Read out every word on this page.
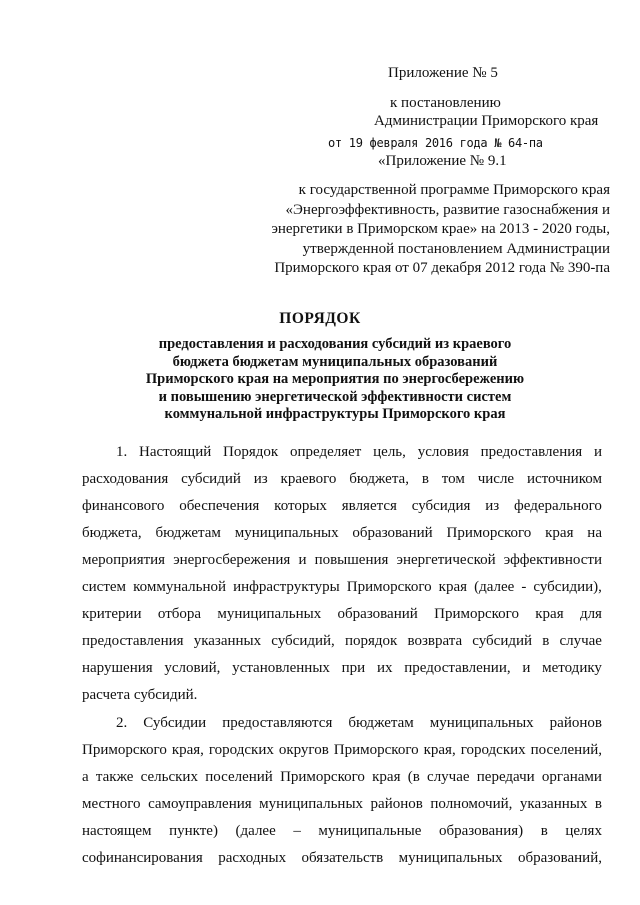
Приложение № 5
к постановлению
Администрации Приморского края
от 19 февраля 2016 года № 64-па
«Приложение № 9.1
к государственной программе Приморского края
«Энергоэффективность, развитие газоснабжения и
энергетики в Приморском крае» на 2013 - 2020 годы,
утвержденной постановлением Администрации
Приморского края от 07 декабря 2012 года № 390-па
ПОРЯДОК
предоставления и расходования субсидий из краевого
бюджета бюджетам муниципальных образований
Приморского края на мероприятия по энергосбережению
и повышению энергетической эффективности систем
коммунальной инфраструктуры Приморского края
1. Настоящий Порядок определяет цель, условия предоставления и
расходования субсидий из краевого бюджета, в том числе источником
финансового обеспечения которых является субсидия из федерального
бюджета, бюджетам муниципальных образований Приморского края на
мероприятия энергосбережения и повышения энергетической эффективности
систем коммунальной инфраструктуры Приморского края (далее - субсидии),
критерии отбора муниципальных образований Приморского края для
предоставления указанных субсидий, порядок возврата субсидий в случае
нарушения условий, установленных при их предоставлении, и методику
расчета субсидий.
2. Субсидии предоставляются бюджетам муниципальных районов
Приморского края, городских округов Приморского края, городских поселений,
а также сельских поселений Приморского края (в случае передачи органами
местного самоуправления муниципальных районов полномочий, указанных в
настоящем пункте) (далее – муниципальные образования) в целях
софинансирования расходных обязательств муниципальных образований,
